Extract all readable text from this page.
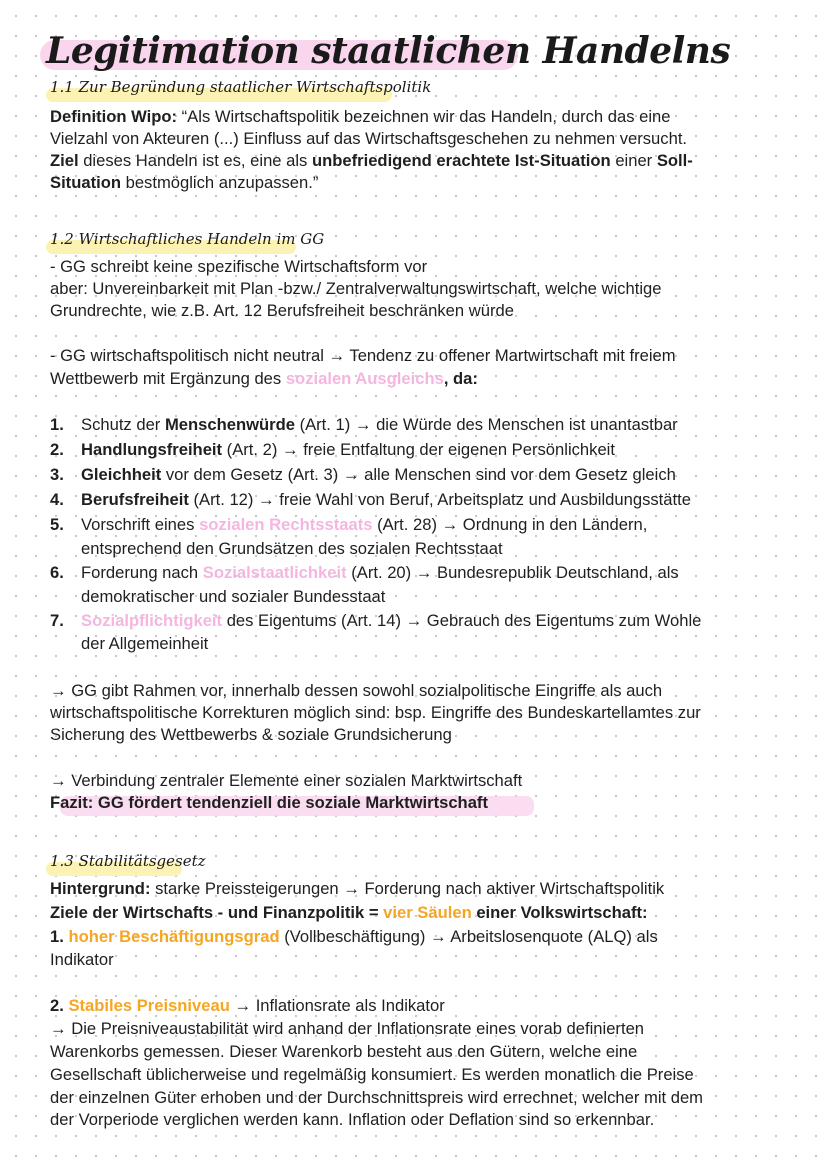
Legitimation staatlichen Handelns
1.1 Zur Begründung staatlicher Wirtschaftspolitik
Definition Wipo: “Als Wirtschaftspolitik bezeichnen wir das Handeln, durch das eine
Vielzahl von Akteuren (...) Einfluss auf das Wirtschaftsgeschehen zu nehmen versucht.
Ziel dieses Handeln ist es, eine als unbefriedigend erachtete Ist-Situation einer Soll-
Situation bestmöglich anzupassen.”
1.2 Wirtschaftliches Handeln im GG
- GG schreibt keine spezifische Wirtschaftsform vor
aber: Unvereinbarkeit mit Plan -bzw./ Zentralverwaltungswirtschaft, welche wichtige
Grundrechte, wie z.B. Art. 12 Berufsfreiheit beschränken würde
- GG wirtschaftspolitisch nicht neutral → Tendenz zu offener Martwirtschaft mit freiem
Wettbewerb mit Ergänzung des sozialen Ausgleichs, da:
1. Schutz der Menschenwürde (Art. 1) → die Würde des Menschen ist unantastbar
2. Handlungsfreiheit (Art. 2) → freie Entfaltung der eigenen Persönlichkeit
3. Gleichheit vor dem Gesetz (Art. 3) → alle Menschen sind vor dem Gesetz gleich
4. Berufsfreiheit (Art. 12) → freie Wahl von Beruf, Arbeitsplatz und Ausbildungsstätte
5. Vorschrift eines sozialen Rechtsstaats (Art. 28) → Ordnung in den Ländern,
entsprechend den Grundsätzen des sozialen Rechtsstaat
6. Forderung nach Sozialstaatlichkeit (Art. 20) → Bundesrepublik Deutschland, als
demokratischer und sozialer Bundesstaat
7. Sozialpflichtigkeit des Eigentums (Art. 14) → Gebrauch des Eigentums zum Wohle
der Allgemeinheit
→ GG gibt Rahmen vor, innerhalb dessen sowohl sozialpolitische Eingriffe als auch
wirtschaftspolitische Korrekturen möglich sind: bsp. Eingriffe des Bundeskartellamtes zur
Sicherung des Wettbewerbs & soziale Grundsicherung
→ Verbindung zentraler Elemente einer sozialen Marktwirtschaft
Fazit: GG fördert tendenziell die soziale Marktwirtschaft
1.3 Stabilitätsgesetz
Hintergrund: starke Preissteigerungen → Forderung nach aktiver Wirtschaftspolitik
Ziele der Wirtschafts - und Finanzpolitik = vier Säulen einer Volkswirtschaft:
1. hoher Beschäftigungsgrad (Vollbeschäftigung) → Arbeitslosenquote (ALQ) als
Indikator
2. Stabiles Preisniveau → Inflationsrate als Indikator
→ Die Preisniveaustabilität wird anhand der Inflationsrate eines vorab definierten
Warenkorbs gemessen. Dieser Warenkorb besteht aus den Gütern, welche eine
Gesellschaft üblicherweise und regelmäßig konsumiert. Es werden monatlich die Preise
der einzelnen Güter erhoben und der Durchschnittspreis wird errechnet, welcher mit dem
der Vorperiode verglichen werden kann. Inflation oder Deflation sind so erkennbar.
